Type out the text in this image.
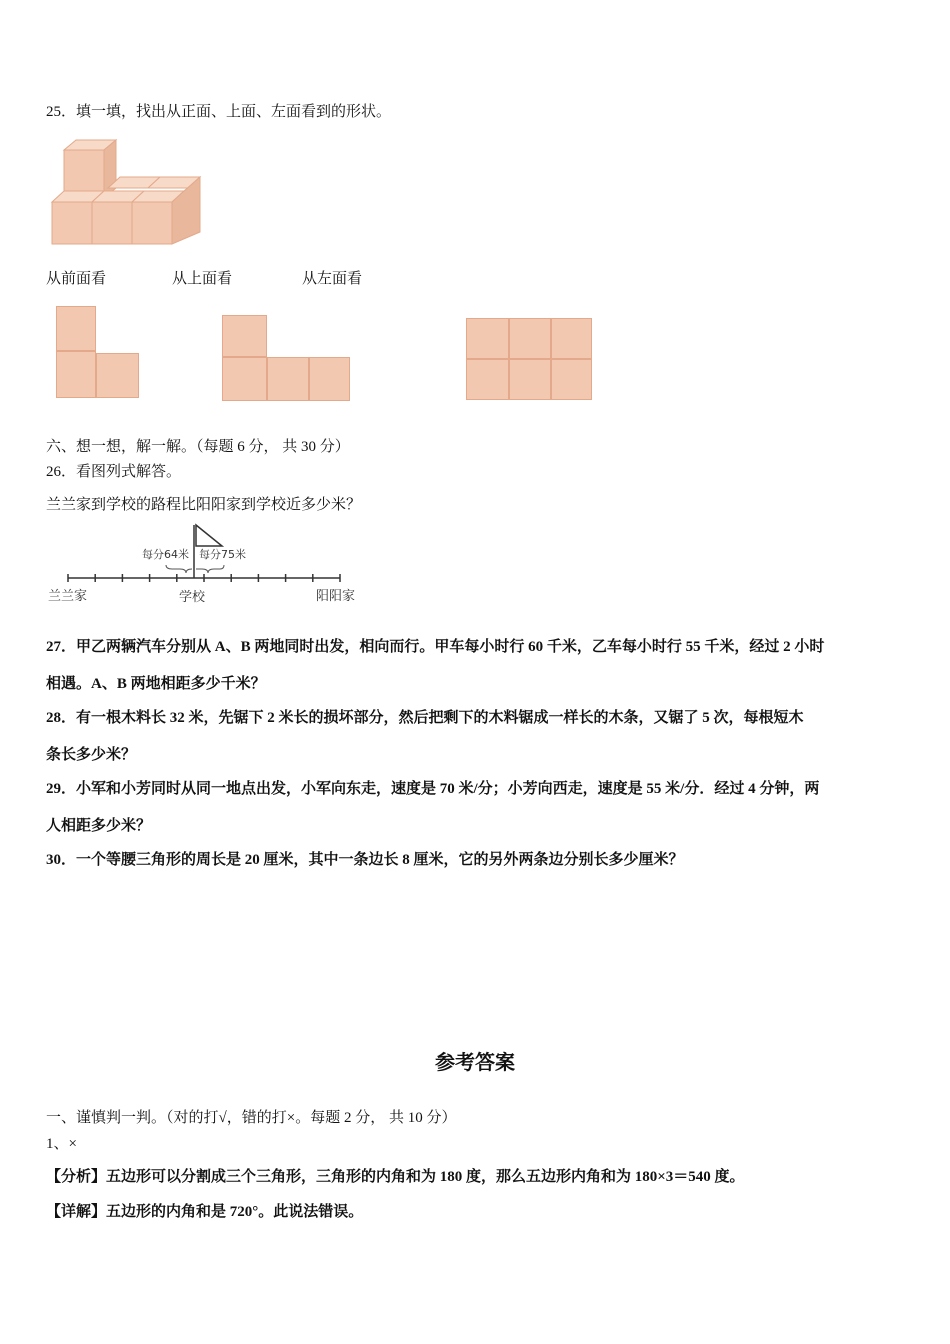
25．填一填，找出从正面、上面、左面看到的形状。
从前面看	从上面看	从左面看
六、想一想，解一解。（每题 6 分， 共 30 分）
26．看图列式解答。
兰兰家到学校的路程比阳阳家到学校近多少米？
每分64米 每分75米
兰兰家	学校	阳阳家
27．甲乙两辆汽车分别从 A、B 两地同时出发，相向而行。甲车每小时行 60 千米，乙车每小时行 55 千米，经过 2 小时
相遇。A、B 两地相距多少千米？
28．有一根木料长 32 米，先锯下 2 米长的损坏部分，然后把剩下的木料锯成一样长的木条，又锯了 5 次，每根短木
条长多少米？
29．小军和小芳同时从同一地点出发，小军向东走，速度是 70 米/分；小芳向西走，速度是 55 米/分．经过 4 分钟，两
人相距多少米？
30．一个等腰三角形的周长是 20 厘米，其中一条边长 8 厘米，它的另外两条边分别长多少厘米？
参考答案
一、谨慎判一判。（对的打√，错的打×。每题 2 分， 共 10 分）
1、×
【分析】五边形可以分割成三个三角形，三角形的内角和为 180 度，那么五边形内角和为 180×3＝540 度。
【详解】五边形的内角和是 720°。此说法错误。
